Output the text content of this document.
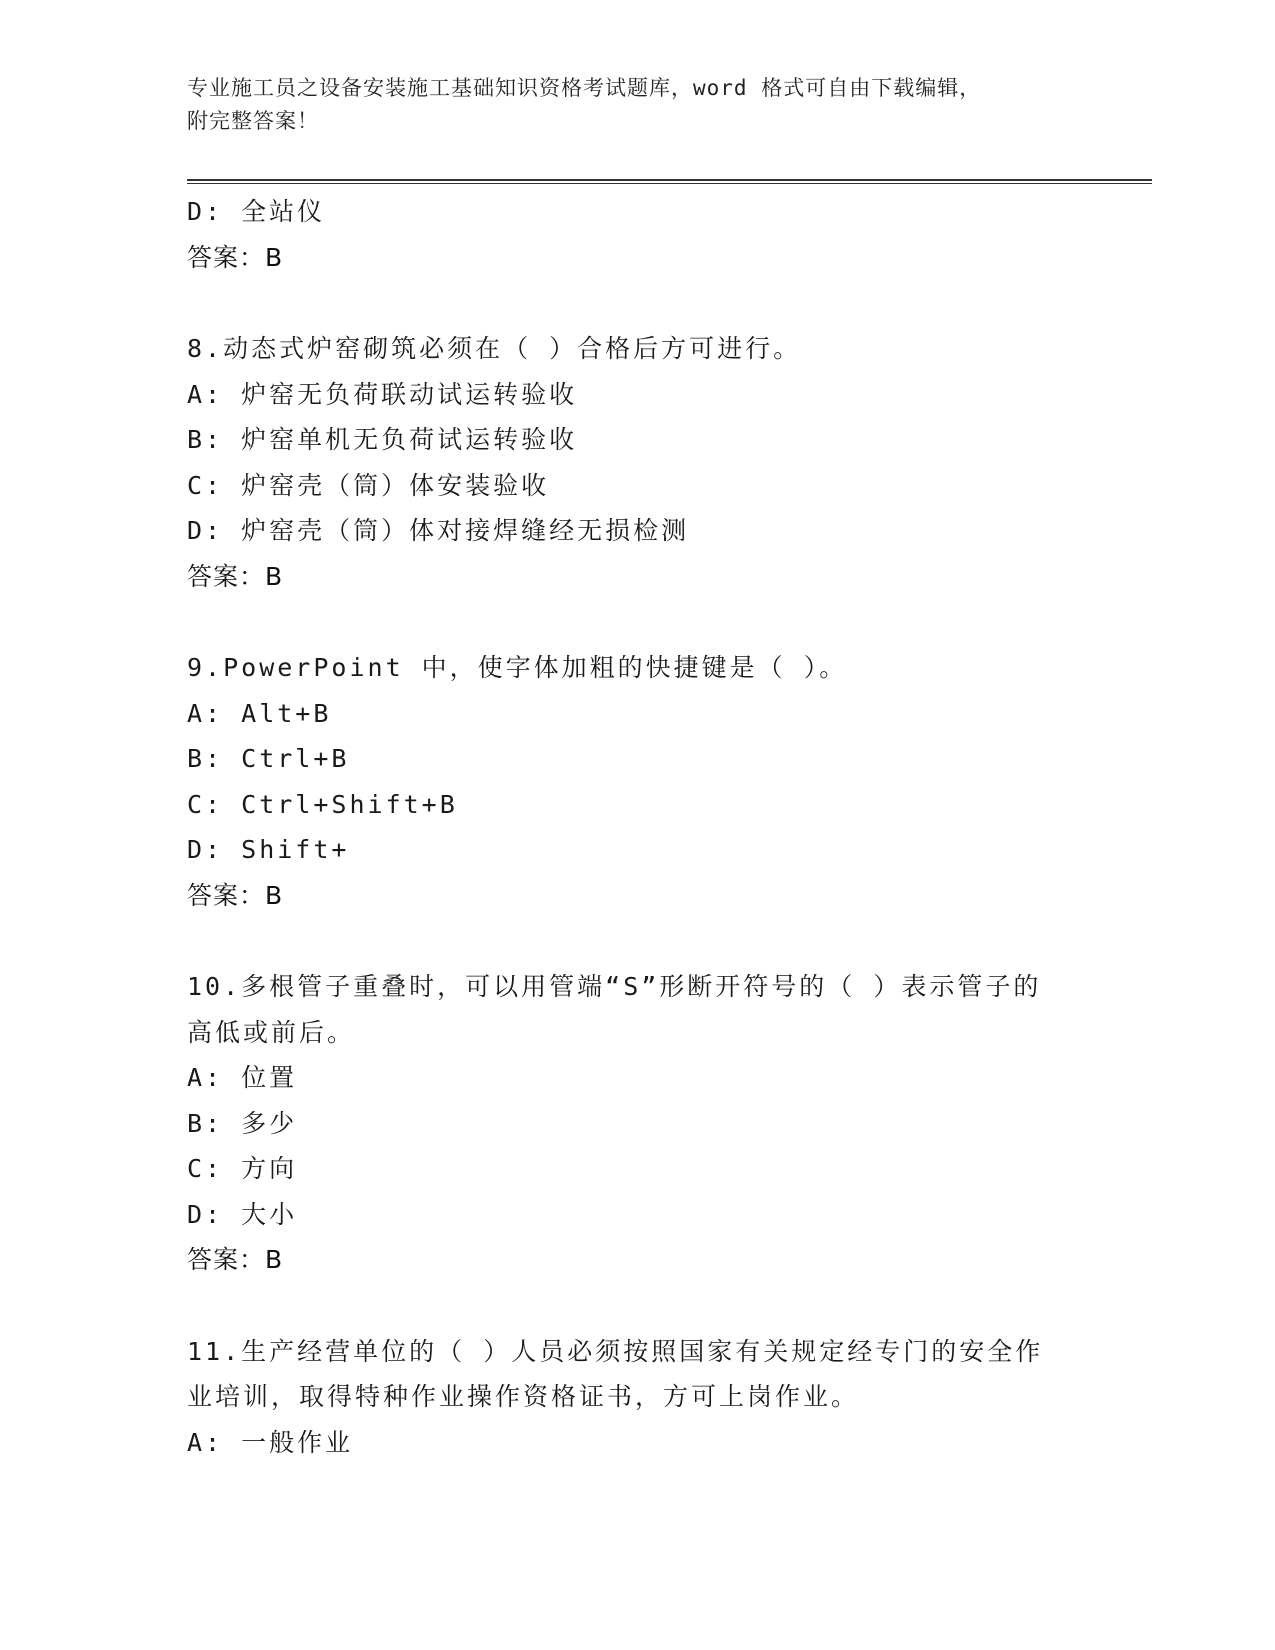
专业施工员之设备安装施工基础知识资格考试题库，word 格式可自由下载编辑，
附完整答案！
D: 全站仪
答案：B
8.动态式炉窑砌筑必须在（ ）合格后方可进行。
A: 炉窑无负荷联动试运转验收
B: 炉窑单机无负荷试运转验收
C: 炉窑壳（筒）体安装验收
D: 炉窑壳（筒）体对接焊缝经无损检测
答案：B
9.PowerPoint 中，使字体加粗的快捷键是（ ）。
A: Alt+B
B: Ctrl+B
C: Ctrl+Shift+B
D: Shift+
答案：B
10.多根管子重叠时，可以用管端“S”形断开符号的（ ）表示管子的
高低或前后。
A: 位置
B: 多少
C: 方向
D: 大小
答案：B
11.生产经营单位的（ ）人员必须按照国家有关规定经专门的安全作
业培训，取得特种作业操作资格证书，方可上岗作业。
A: 一般作业
